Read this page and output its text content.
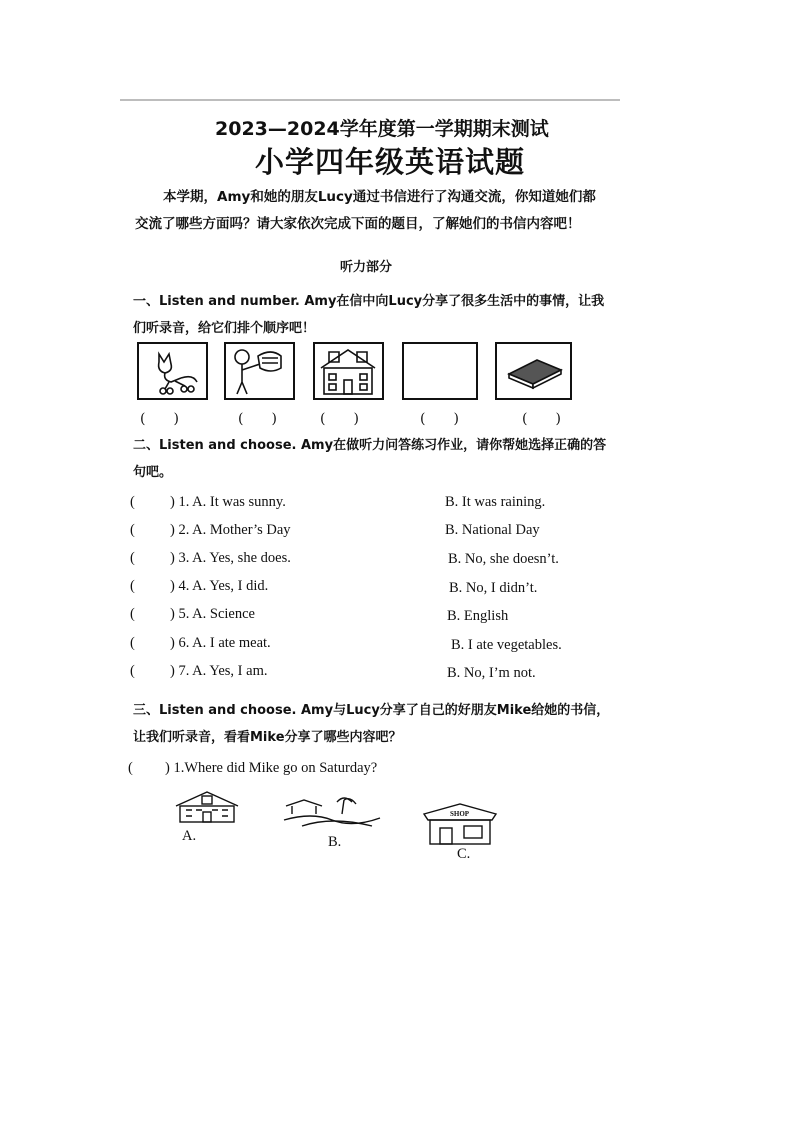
2023—2024学年度第一学期期末测试
小学四年级英语试题
本学期，Amy和她的朋友Lucy通过书信进行了沟通交流，你知道她们都交流了哪些方面吗？请大家依次完成下面的题目，了解她们的书信内容吧！
听力部分
一、Listen and number. Amy在信中向Lucy分享了很多生活中的事情，让我们听录音，给它们排个顺序吧！
(　　)	(　　)	(　　)	(　　)	(　　)
二、Listen and choose. Amy在做听力问答练习作业，请你帮她选择正确的答句吧。
( ) 1. A. It was sunny.	B. It was raining.
( ) 2. A. Mother’s Day	B. National Day
( ) 3. A. Yes, she does.	B. No, she doesn’t.
( ) 4. A. Yes, I did.	B. No, I didn’t.
( ) 5. A. Science	B. English
( ) 6. A. I ate meat.	B. I ate vegetables.
( ) 7. A. Yes, I am.	B. No, I’m not.
三、Listen and choose. Amy与Lucy分享了自己的好朋友Mike给她的书信，让我们听录音，看看Mike分享了哪些内容吧？
( ) 1.Where did Mike go on Saturday?
A.	B.
SHOP
C.
